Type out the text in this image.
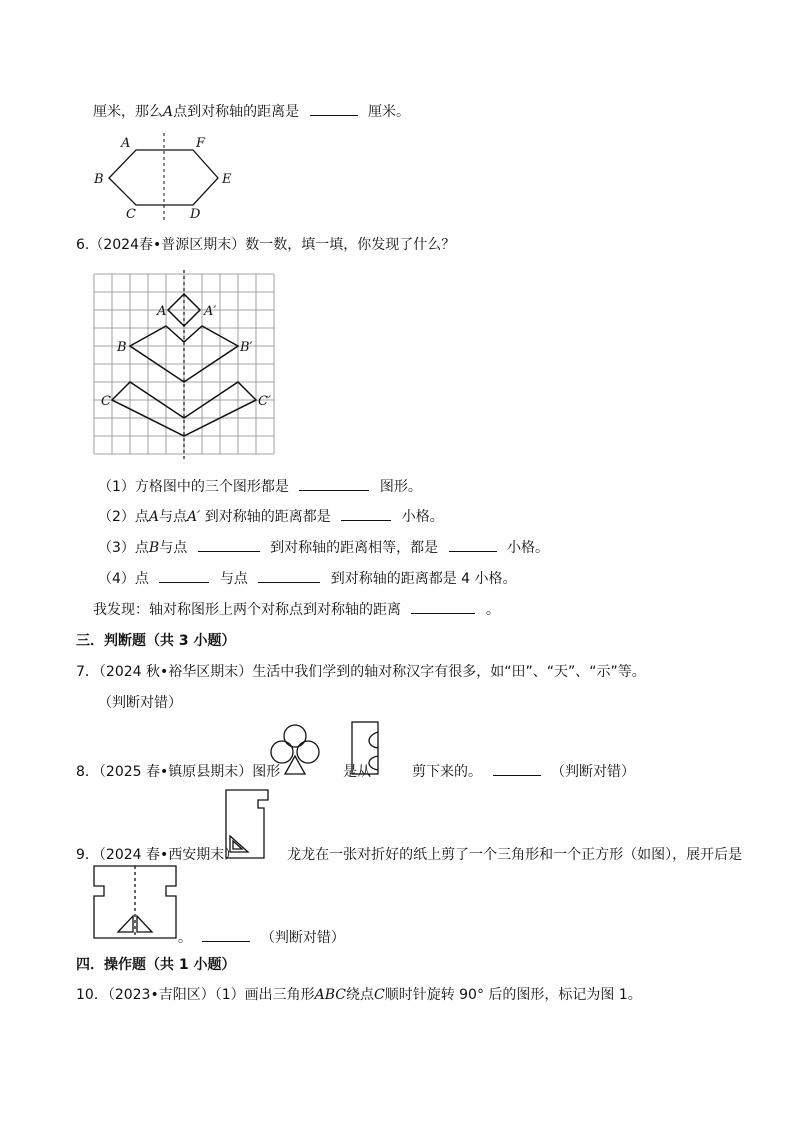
厘米，那么A点到对称轴的距离是	厘米。
A	F
B	E
C	D
6.（2024春•普源区期末）数一数，填一填，你发现了什么？
A	A′
B	B′
C	C′
（1）方格图中的三个图形都是	图形。
（2）点A与点A′ 到对称轴的距离都是	小格。
（3）点B与点	到对称轴的距离相等，都是	小格。
（4）点	与点	到对称轴的距离都是 4 小格。
我发现：轴对称图形上两个对称点到对称轴的距离	。
三．判断题（共 3 小题）
7．（2024 秋•裕华区期末）生活中我们学到的轴对称汉字有很多，如“田”、“天”、“示”等。
（判断对错）
8．（2025 春•镇原县期末）图形	是从	剪下来的。	（判断对错）
9．（2024 春•西安期末）	龙龙在一张对折好的纸上剪了一个三角形和一个正方形（如图），展开后是
。	（判断对错）
四．操作题（共 1 小题）
10．（2023•吉阳区）（1）画出三角形ABC绕点C顺时针旋转 90° 后的图形，标记为图 1。
